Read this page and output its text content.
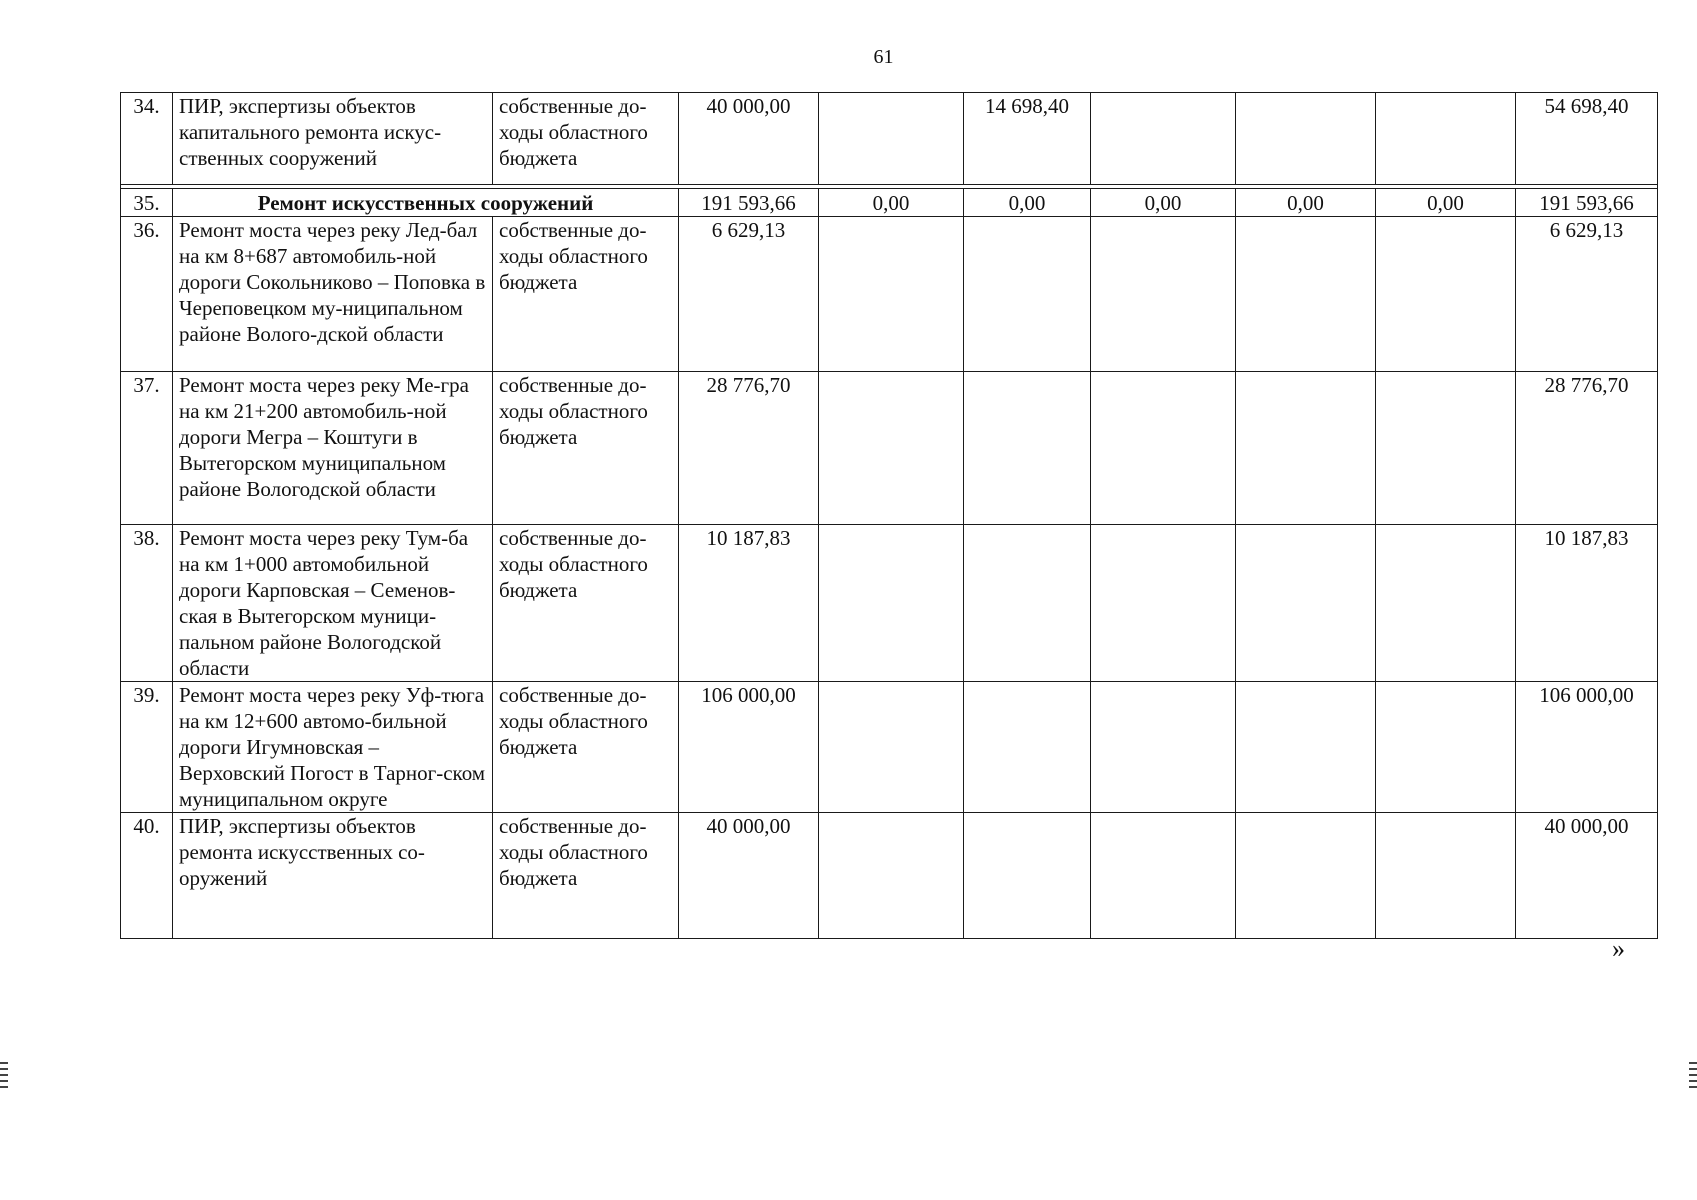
61
34.	ПИР, экспертизы объектов капитального ремонта искус-ственных сооружений	собственные до-ходы областного бюджета	40 000,00		14 698,40				54 698,40

35.	Ремонт искусственных сооружений		191 593,66	0,00	0,00	0,00	0,00	0,00	191 593,66
36.	Ремонт моста через реку Лед-бал на км 8+687 автомобиль-ной дороги Сокольниково – Поповка в Череповецком му-ниципальном районе Волого-дской области	собственные до-ходы областного бюджета	6 629,13						6 629,13
37.	Ремонт моста через реку Ме-гра на км 21+200 автомобиль-ной дороги Мегра – Коштуги в Вытегорском муниципальном районе Вологодской области	собственные до-ходы областного бюджета	28 776,70						28 776,70
38.	Ремонт моста через реку Тум-ба на км 1+000 автомобильной дороги Карповская – Семенов-ская в Вытегорском муници-пальном районе Вологодской области	собственные до-ходы областного бюджета	10 187,83						10 187,83
39.	Ремонт моста через реку Уф-тюга на км 12+600 автомо-бильной дороги Игумновская – Верховский Погост в Тарног-ском муниципальном округе	собственные до-ходы областного бюджета	106 000,00						106 000,00
40.	ПИР, экспертизы объектов ремонта искусственных со-оружений	собственные до-ходы областного бюджета	40 000,00						40 000,00
»
